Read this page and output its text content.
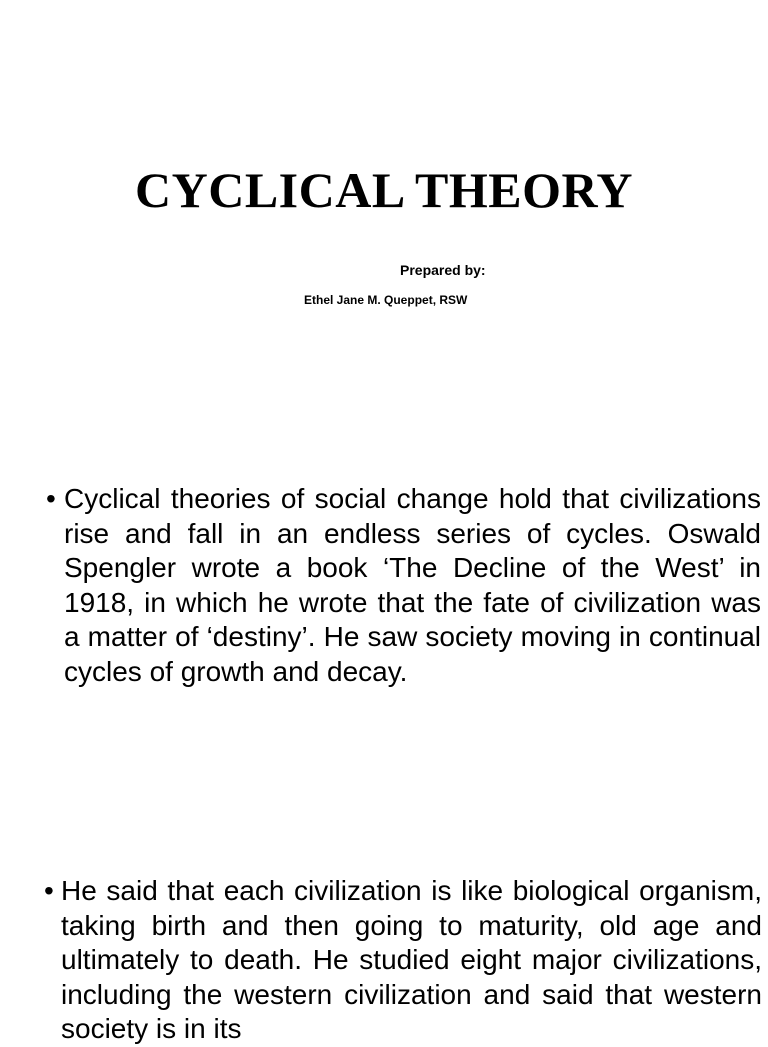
CYCLICAL THEORY
Prepared by:
Ethel Jane M. Queppet, RSW
• Cyclical theories of social change hold that civilizations rise and fall in an endless series of cycles. Oswald Spengler wrote a book ‘The Decline of the West’ in 1918, in which he wrote that the fate of civilization was a matter of ‘destiny’. He saw society moving in continual cycles of growth and decay.
• He said that each civilization is like biological organism, taking birth and then going to maturity, old age and ultimately to death. He studied eight major civilizations, including the western civilization and said that western society is in its
